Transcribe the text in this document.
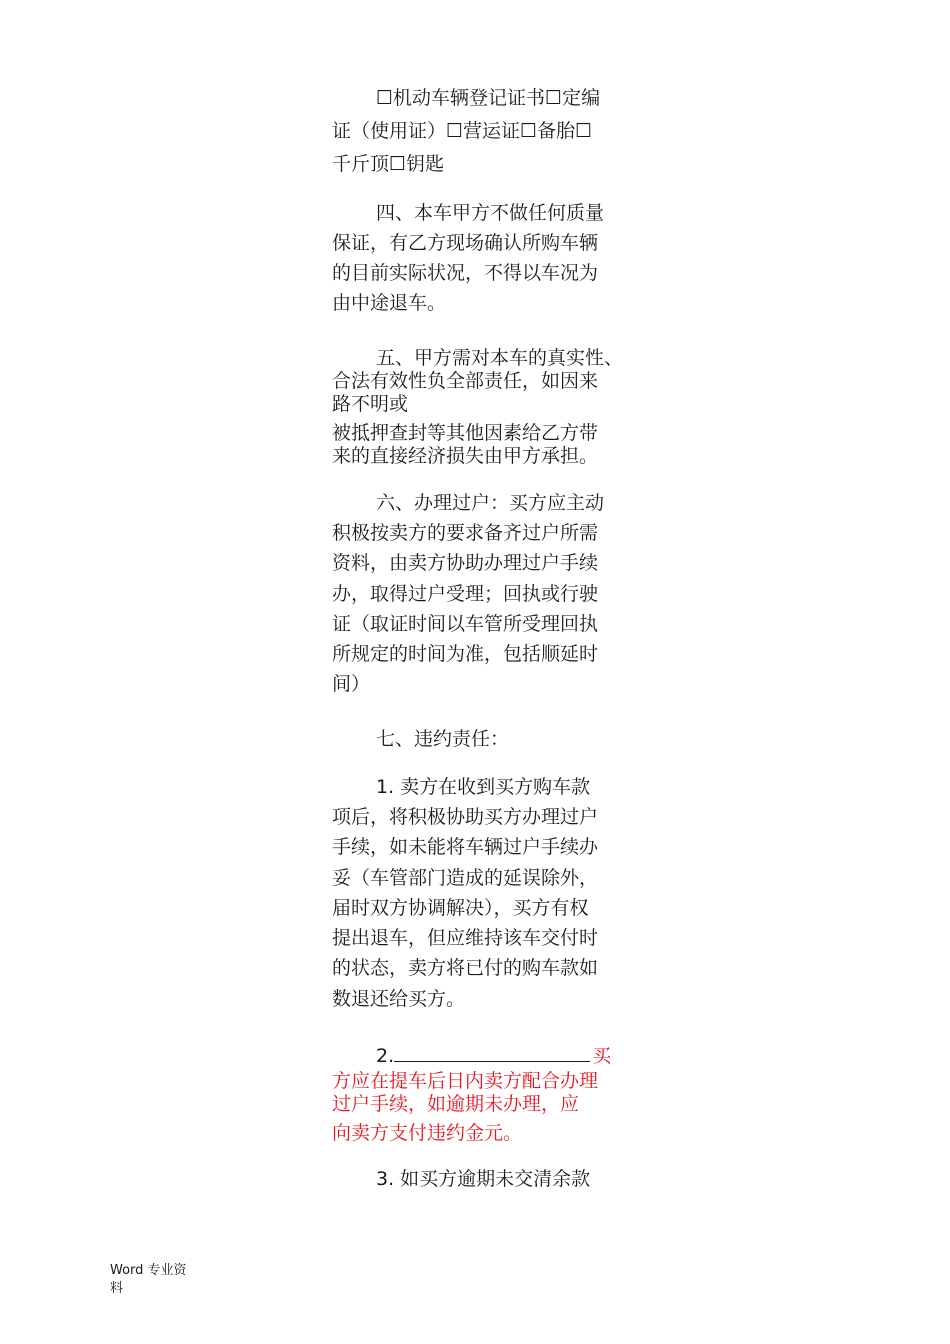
☐机动车辆登记证书☐定编
证（使用证）☐营运证☐备胎☐
千斤顶☐钥匙
四、本车甲方不做任何质量
保证，有乙方现场确认所购车辆
的目前实际状况，不得以车况为
由中途退车。
五、甲方需对本车的真实性、
合法有效性负全部责任，如因来
路不明或
被抵押查封等其他因素给乙方带
来的直接经济损失由甲方承担。
六、办理过户：买方应主动
积极按卖方的要求备齐过户所需
资料，由卖方协助办理过户手续
办，取得过户受理；回执或行驶
证（取证时间以车管所受理回执
所规定的时间为准，包括顺延时
间）
七、违约责任：
1. 卖方在收到买方购车款
项后，将积极协助买方办理过户
手续，如未能将车辆过户手续办
妥（车管部门造成的延误除外，
届时双方协调解决），买方有权
提出退车，但应维持该车交付时
的状态，卖方将已付的购车款如
数退还给买方。
2.	买
方应在提车后日内卖方配合办理
过户手续，如逾期未办理，应
向卖方支付违约金元。
3. 如买方逾期未交清余款
Word 专业资
料
